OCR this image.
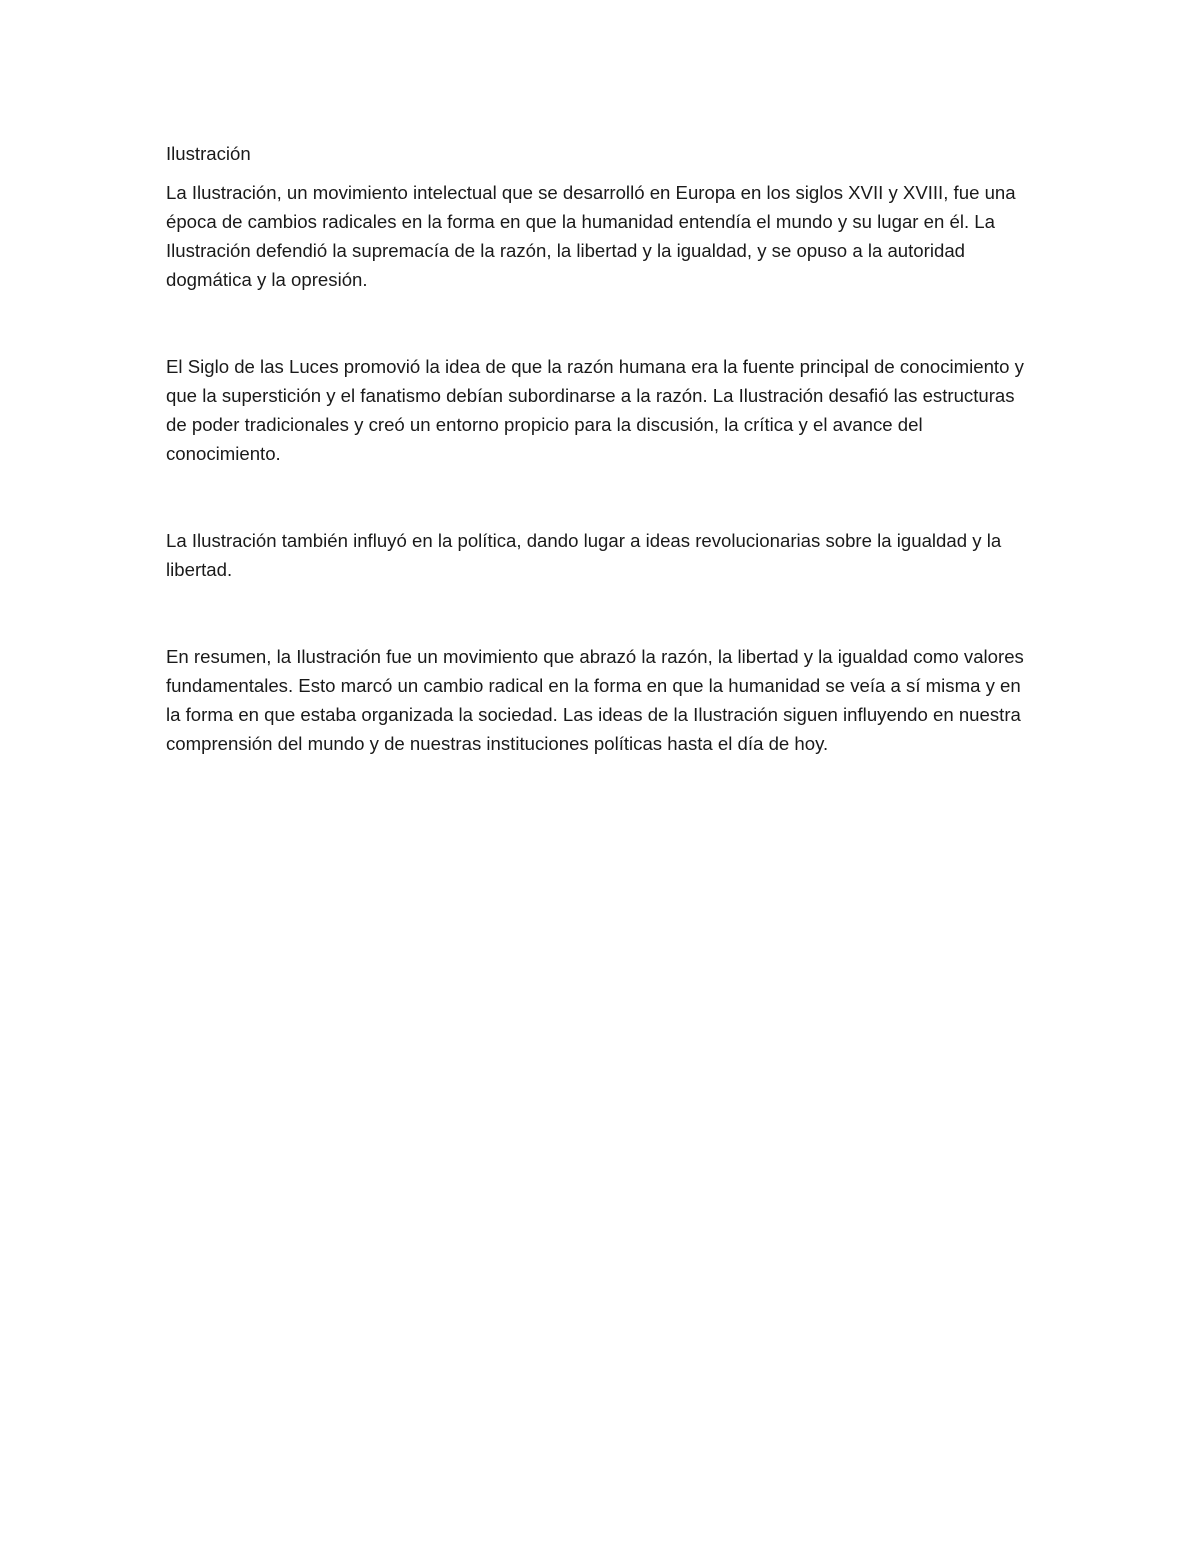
Ilustración

La Ilustración, un movimiento intelectual que se desarrolló en Europa en los siglos XVII y XVIII, fue una época de cambios radicales en la forma en que la humanidad entendía el mundo y su lugar en él. La Ilustración defendió la supremacía de la razón, la libertad y la igualdad, y se opuso a la autoridad dogmática y la opresión.

El Siglo de las Luces promovió la idea de que la razón humana era la fuente principal de conocimiento y que la superstición y el fanatismo debían subordinarse a la razón. La Ilustración desafió las estructuras de poder tradicionales y creó un entorno propicio para la discusión, la crítica y el avance del conocimiento.

La Ilustración también influyó en la política, dando lugar a ideas revolucionarias sobre la igualdad y la libertad.

En resumen, la Ilustración fue un movimiento que abrazó la razón, la libertad y la igualdad como valores fundamentales. Esto marcó un cambio radical en la forma en que la humanidad se veía a sí misma y en la forma en que estaba organizada la sociedad. Las ideas de la Ilustración siguen influyendo en nuestra comprensión del mundo y de nuestras instituciones políticas hasta el día de hoy.
